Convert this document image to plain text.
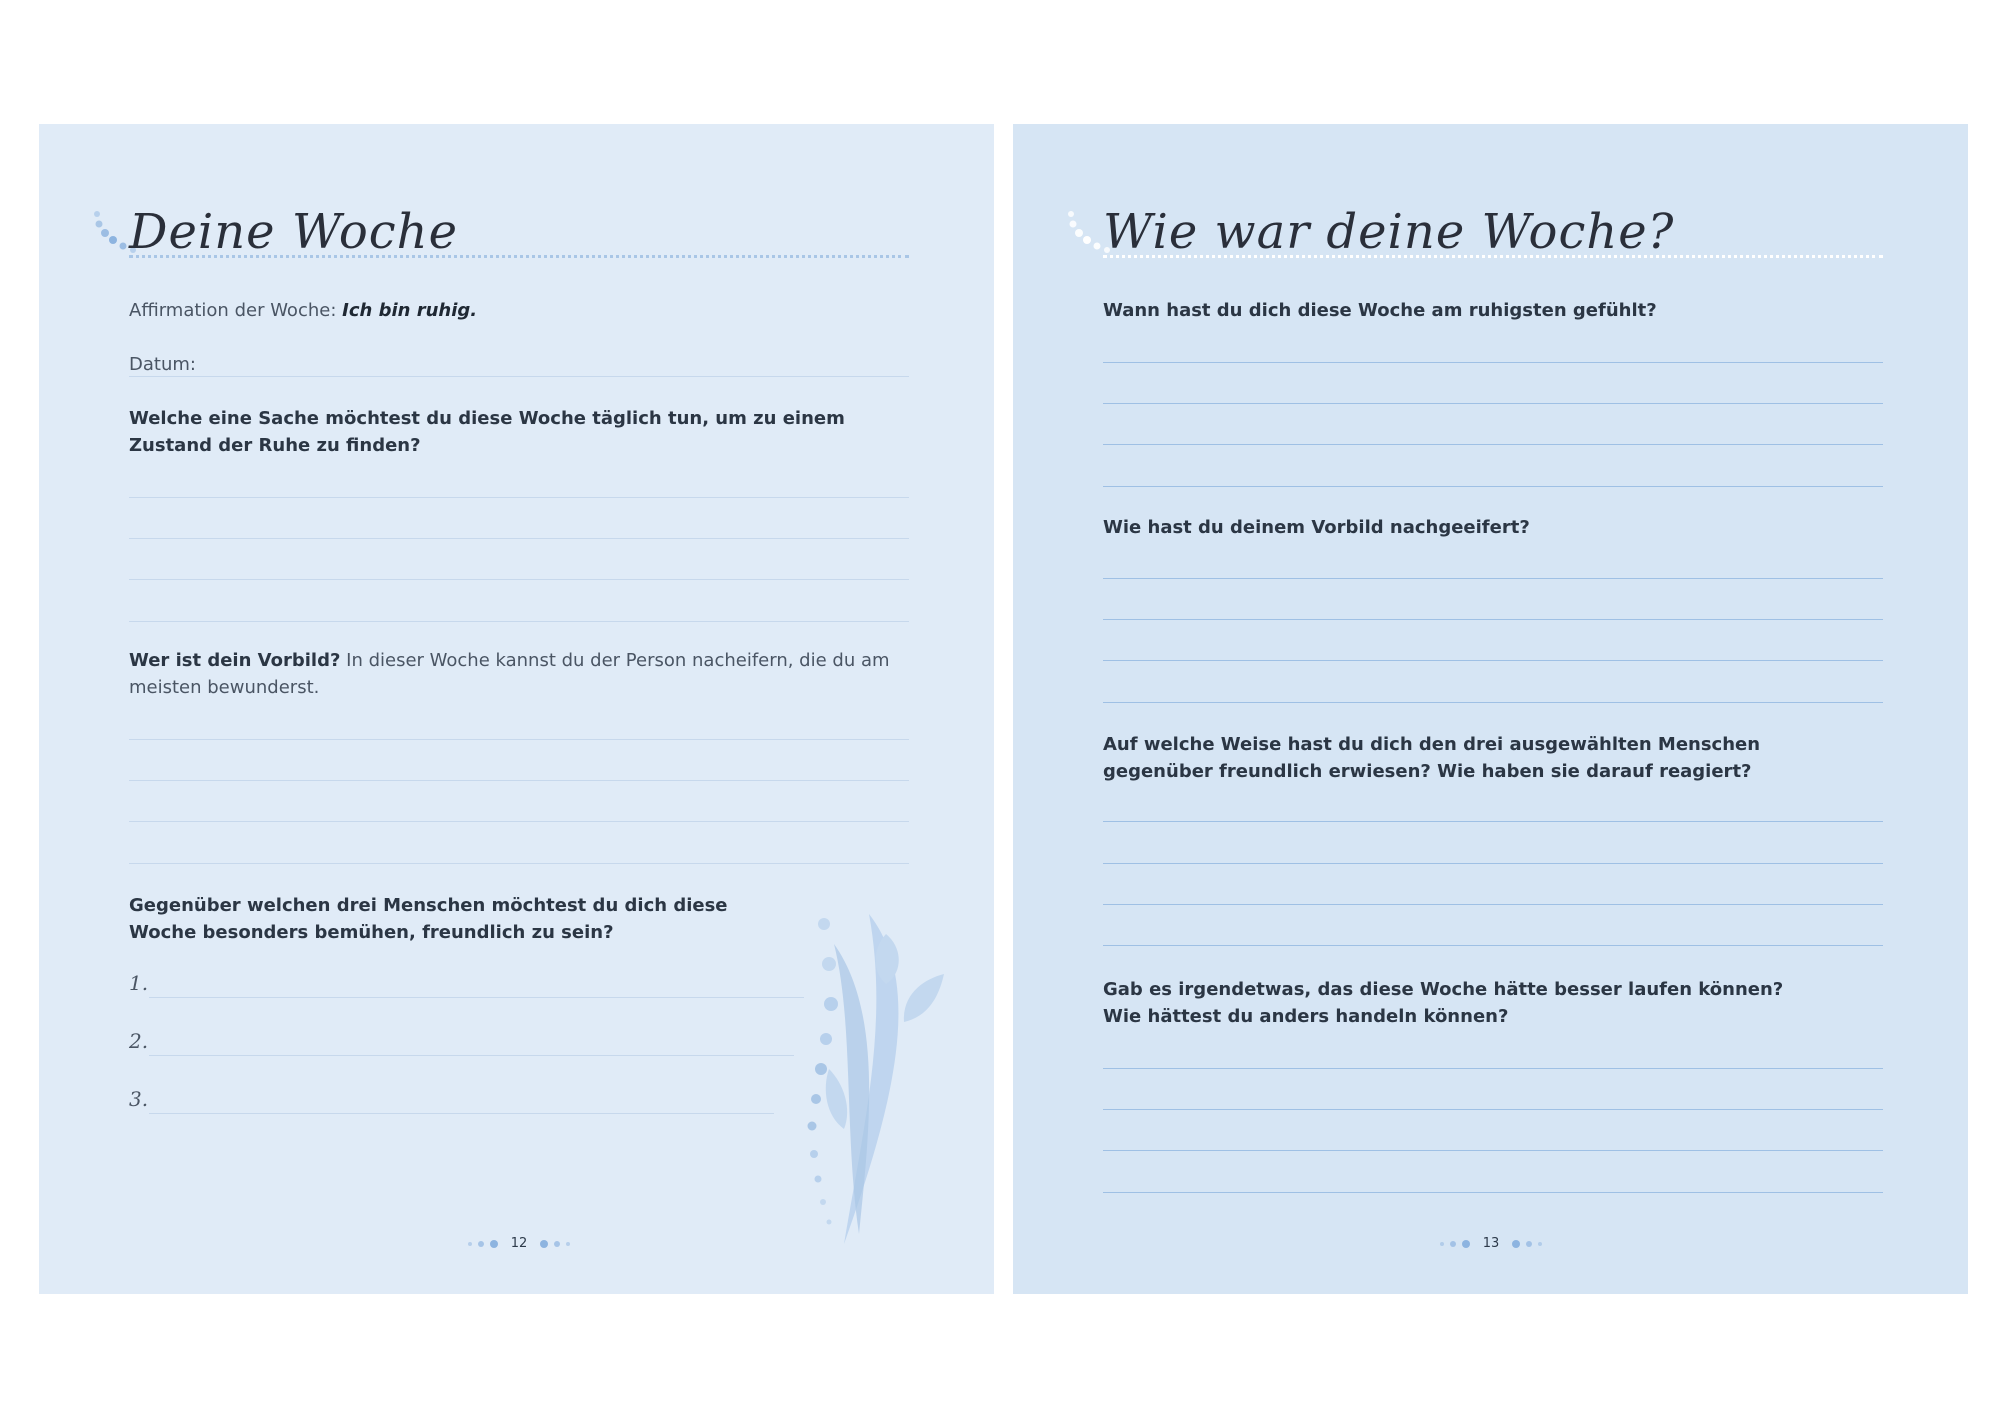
Deine Woche

Affirmation der Woche: Ich bin ruhig.

Datum:

Welche eine Sache möchtest du diese Woche täglich tun, um zu einem Zustand der Ruhe zu finden?

Wer ist dein Vorbild? In dieser Woche kannst du der Person nacheifern, die du am meisten bewunderst.

Gegenüber welchen drei Menschen möchtest du dich diese Woche besonders bemühen, freundlich zu sein?

1.

2.

3.

12
Wie war deine Woche?

Wann hast du dich diese Woche am ruhigsten gefühlt?

Wie hast du deinem Vorbild nachgeeifert?

Auf welche Weise hast du dich den drei ausgewählten Menschen gegenüber freundlich erwiesen? Wie haben sie darauf reagiert?

Gab es irgendetwas, das diese Woche hätte besser laufen können?

Wie hättest du anders handeln können?

13
